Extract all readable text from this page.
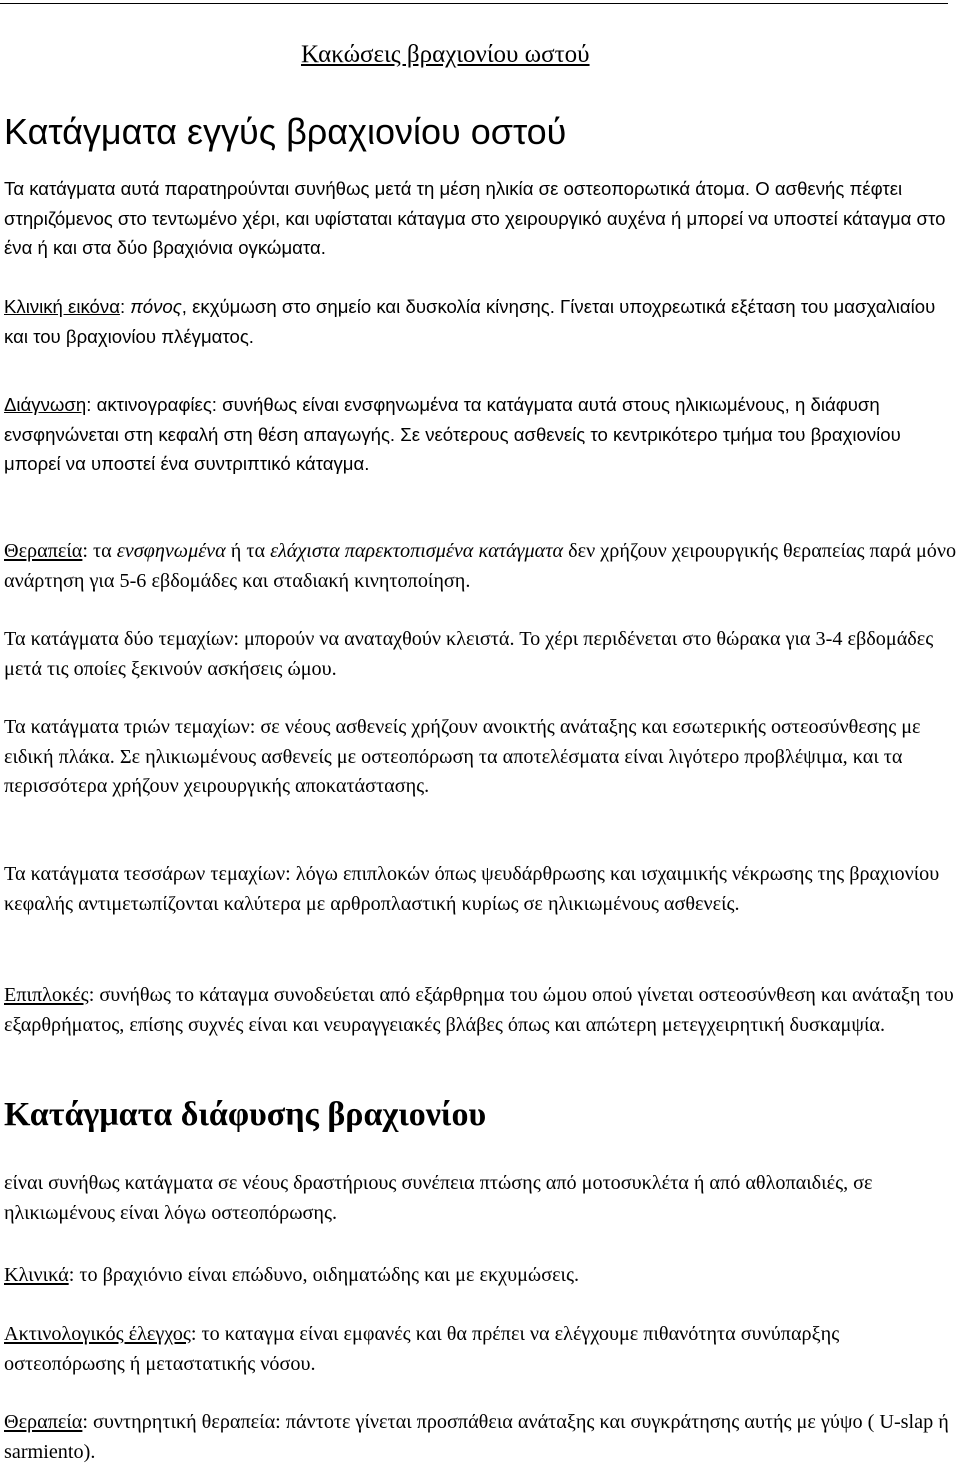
Κακώσεις βραχιονίου ωστού
Κατάγματα εγγύς βραχιονίου οστού

Τα κατάγματα αυτά παρατηρούνται συνήθως μετά τη μέση ηλικία σε οστεοπορωτικά άτομα. Ο ασθενής πέφτει στηριζόμενος στο τεντωμένο χέρι, και υφίσταται κάταγμα στο χειρουργικό αυχένα ή μπορεί να υποστεί κάταγμα στο ένα ή και στα δύο βραχιόνια ογκώματα.

Κλινική εικόνα: πόνος, εκχύμωση στο σημείο και δυσκολία κίνησης. Γίνεται υποχρεωτικά εξέταση του μασχαλιαίου και του βραχιονίου πλέγματος.

Διάγνωση: ακτινογραφίες: συνήθως είναι ενσφηνωμένα τα κατάγματα αυτά στους ηλικιωμένους, η διάφυση ενσφηνώνεται στη κεφαλή στη θέση απαγωγής. Σε νεότερους ασθενείς το κεντρικότερο τμήμα του βραχιονίου μπορεί να υποστεί ένα συντριπτικό κάταγμα.

Θεραπεία: τα ενσφηνωμένα ή τα ελάχιστα παρεκτοπισμένα κατάγματα δεν χρήζουν χειρουργικής θεραπείας παρά μόνο ανάρτηση για 5-6 εβδομάδες και σταδιακή κινητοποίηση.

Τα κατάγματα δύο τεμαχίων: μπορούν να αναταχθούν κλειστά. Το χέρι περιδένεται στο θώρακα για 3-4 εβδομάδες μετά τις οποίες ξεκινούν ασκήσεις ώμου.

Τα κατάγματα τριών τεμαχίων: σε νέους ασθενείς χρήζουν ανοικτής ανάταξης και εσωτερικής οστεοσύνθεσης με ειδική πλάκα. Σε ηλικιωμένους ασθενείς με οστεοπόρωση τα αποτελέσματα είναι λιγότερο προβλέψιμα, και τα περισσότερα χρήζουν χειρουργικής αποκατάστασης.

Τα κατάγματα τεσσάρων τεμαχίων: λόγω επιπλοκών όπως ψευδάρθρωσης και ισχαιμικής νέκρωσης της βραχιονίου κεφαλής αντιμετωπίζονται καλύτερα με αρθροπλαστική κυρίως σε ηλικιωμένους ασθενείς.

Επιπλοκές: συνήθως το κάταγμα συνοδεύεται από εξάρθρημα του ώμου οπού γίνεται οστεοσύνθεση και ανάταξη του εξαρθρήματος, επίσης συχνές είναι και νευραγγειακές βλάβες όπως και απώτερη μετεγχειρητική δυσκαμψία.

Κατάγματα διάφυσης βραχιονίου

είναι συνήθως κατάγματα σε νέους δραστήριους συνέπεια πτώσης από μοτοσυκλέτα ή από αθλοπαιδιές, σε ηλικιωμένους είναι λόγω οστεοπόρωσης.

Κλινικά: το βραχιόνιο είναι επώδυνο, οιδηματώδης και με εκχυμώσεις.

Ακτινολογικός έλεγχος: το καταγμα είναι εμφανές και θα πρέπει να ελέγχουμε πιθανότητα συνύπαρξης οστεοπόρωσης ή μεταστατικής νόσου.

Θεραπεία: συντηρητική θεραπεία: πάντοτε γίνεται προσπάθεια ανάταξης και συγκράτησης αυτής με γύψο ( U-slap ή sarmiento).
